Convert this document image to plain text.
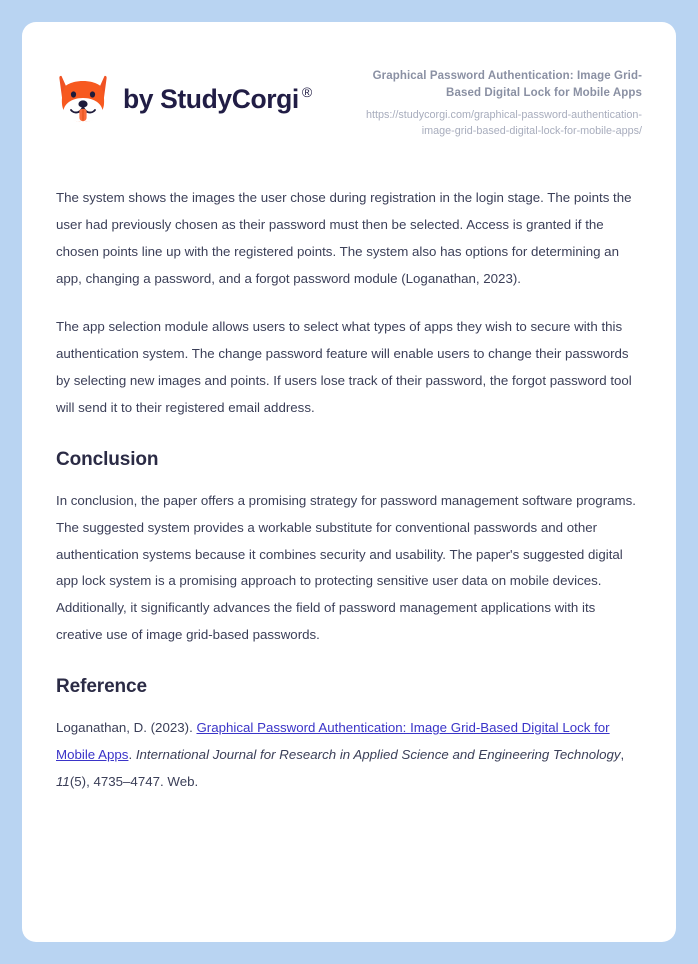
by StudyCorgi ®
Graphical Password Authentication: Image Grid-Based Digital Lock for Mobile Apps
https://studycorgi.com/graphical-password-authentication-image-grid-based-digital-lock-for-mobile-apps/

The system shows the images the user chose during registration in the login stage. The points the user had previously chosen as their password must then be selected. Access is granted if the chosen points line up with the registered points. The system also has options for determining an app, changing a password, and a forgot password module (Loganathan, 2023).

The app selection module allows users to select what types of apps they wish to secure with this authentication system. The change password feature will enable users to change their passwords by selecting new images and points. If users lose track of their password, the forgot password tool will send it to their registered email address.

Conclusion

In conclusion, the paper offers a promising strategy for password management software programs. The suggested system provides a workable substitute for conventional passwords and other authentication systems because it combines security and usability. The paper's suggested digital app lock system is a promising approach to protecting sensitive user data on mobile devices. Additionally, it significantly advances the field of password management applications with its creative use of image grid-based passwords.

Reference

Loganathan, D. (2023). Graphical Password Authentication: Image Grid-Based Digital Lock for Mobile Apps. International Journal for Research in Applied Science and Engineering Technology, 11(5), 4735–4747. Web.
